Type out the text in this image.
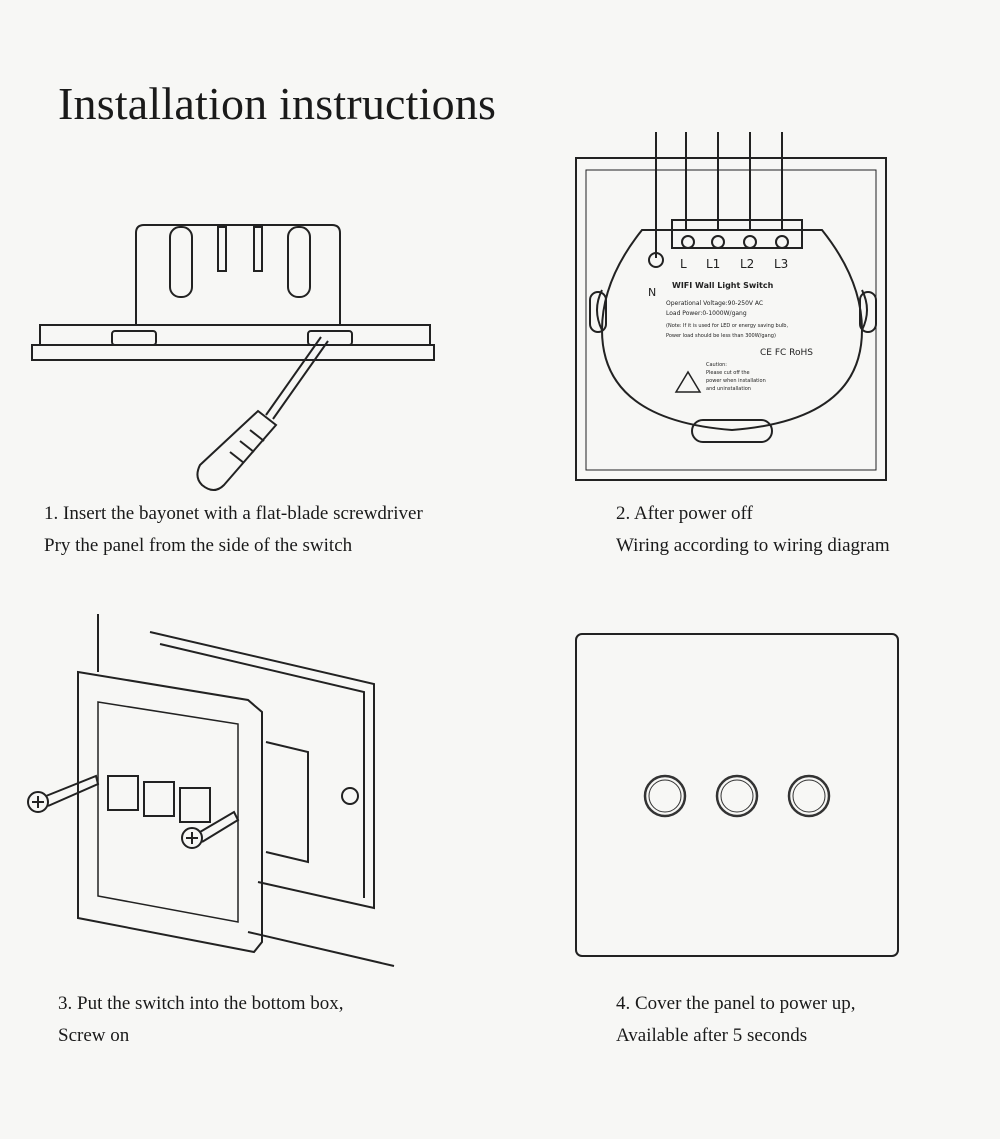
Installation instructions
1. Insert the bayonet with a flat-blade screwdriver
Pry the panel from the side of the switch
L L1 L2 L3
N
WIFI Wall Light Switch
Operational Voltage:90-250V AC
Load Power:0-1000W/gang
(Note: If it is used for LED or energy saving bulb,
Power load should be less than 300W/gang)
CE FC RoHS
Caution:
Please cut off the
power when installation
and uninstallation
2. After power off
Wiring according to wiring diagram
3. Put the switch into the bottom box,
Screw on
4. Cover the panel to power up,
Available after 5 seconds
